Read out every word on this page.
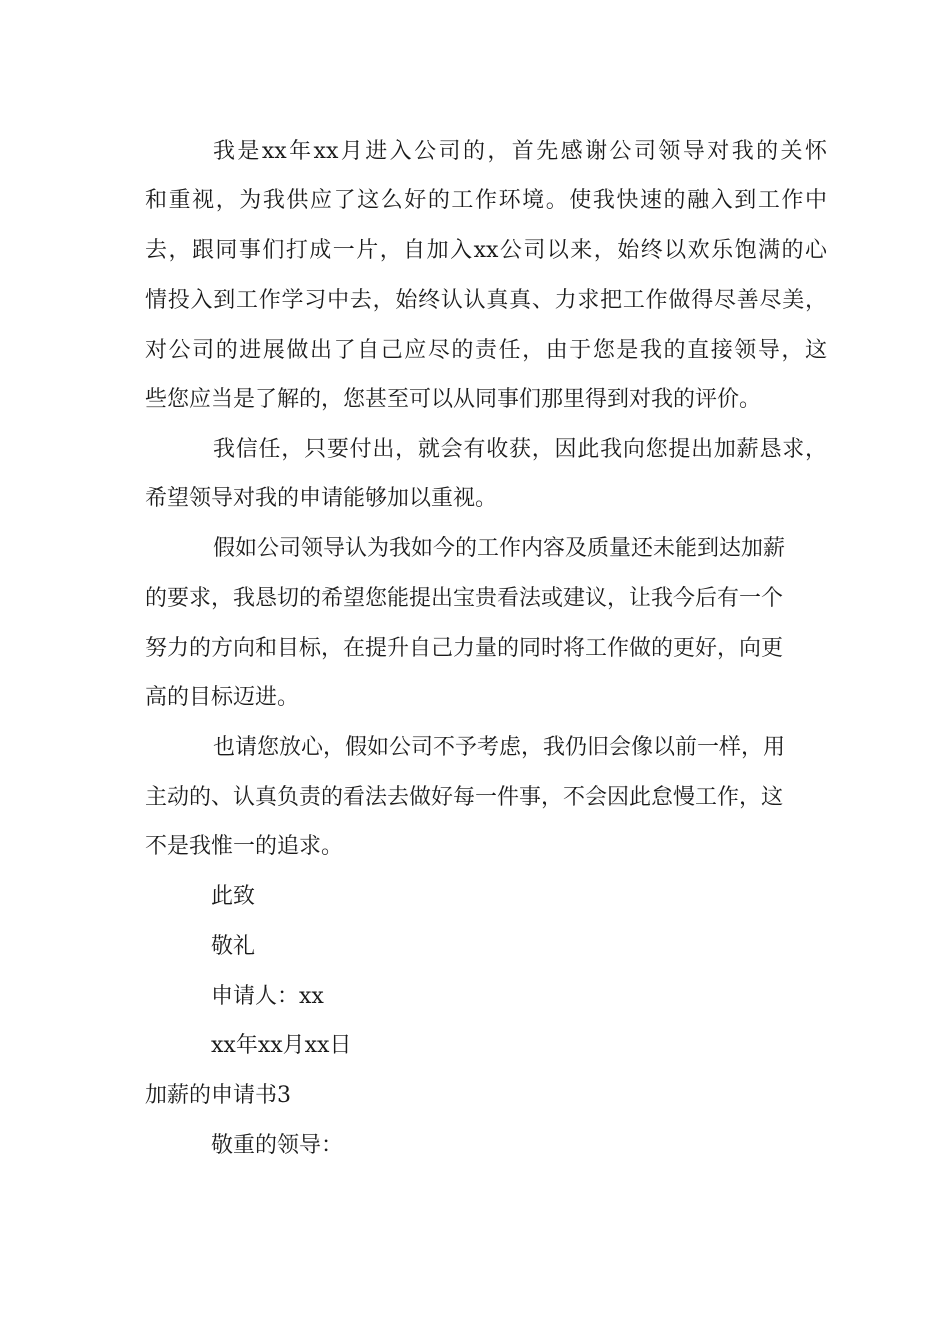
我是xx年xx月进入公司的，首先感谢公司领导对我的关怀
和重视，为我供应了这么好的工作环境。使我快速的融入到工作中
去，跟同事们打成一片，自加入xx公司以来，始终以欢乐饱满的心
情投入到工作学习中去，始终认认真真、力求把工作做得尽善尽美，
对公司的进展做出了自己应尽的责任，由于您是我的直接领导，这
些您应当是了解的，您甚至可以从同事们那里得到对我的评价。
我信任，只要付出，就会有收获，因此我向您提出加薪恳求，
希望领导对我的申请能够加以重视。
假如公司领导认为我如今的工作内容及质量还未能到达加薪
的要求，我恳切的希望您能提出宝贵看法或建议，让我今后有一个
努力的方向和目标，在提升自己力量的同时将工作做的更好，向更
高的目标迈进。
也请您放心，假如公司不予考虑，我仍旧会像以前一样，用
主动的、认真负责的看法去做好每一件事，不会因此怠慢工作，这
不是我惟一的追求。
此致
敬礼
申请人：xx
xx年xx月xx日
加薪的申请书3
敬重的领导：
